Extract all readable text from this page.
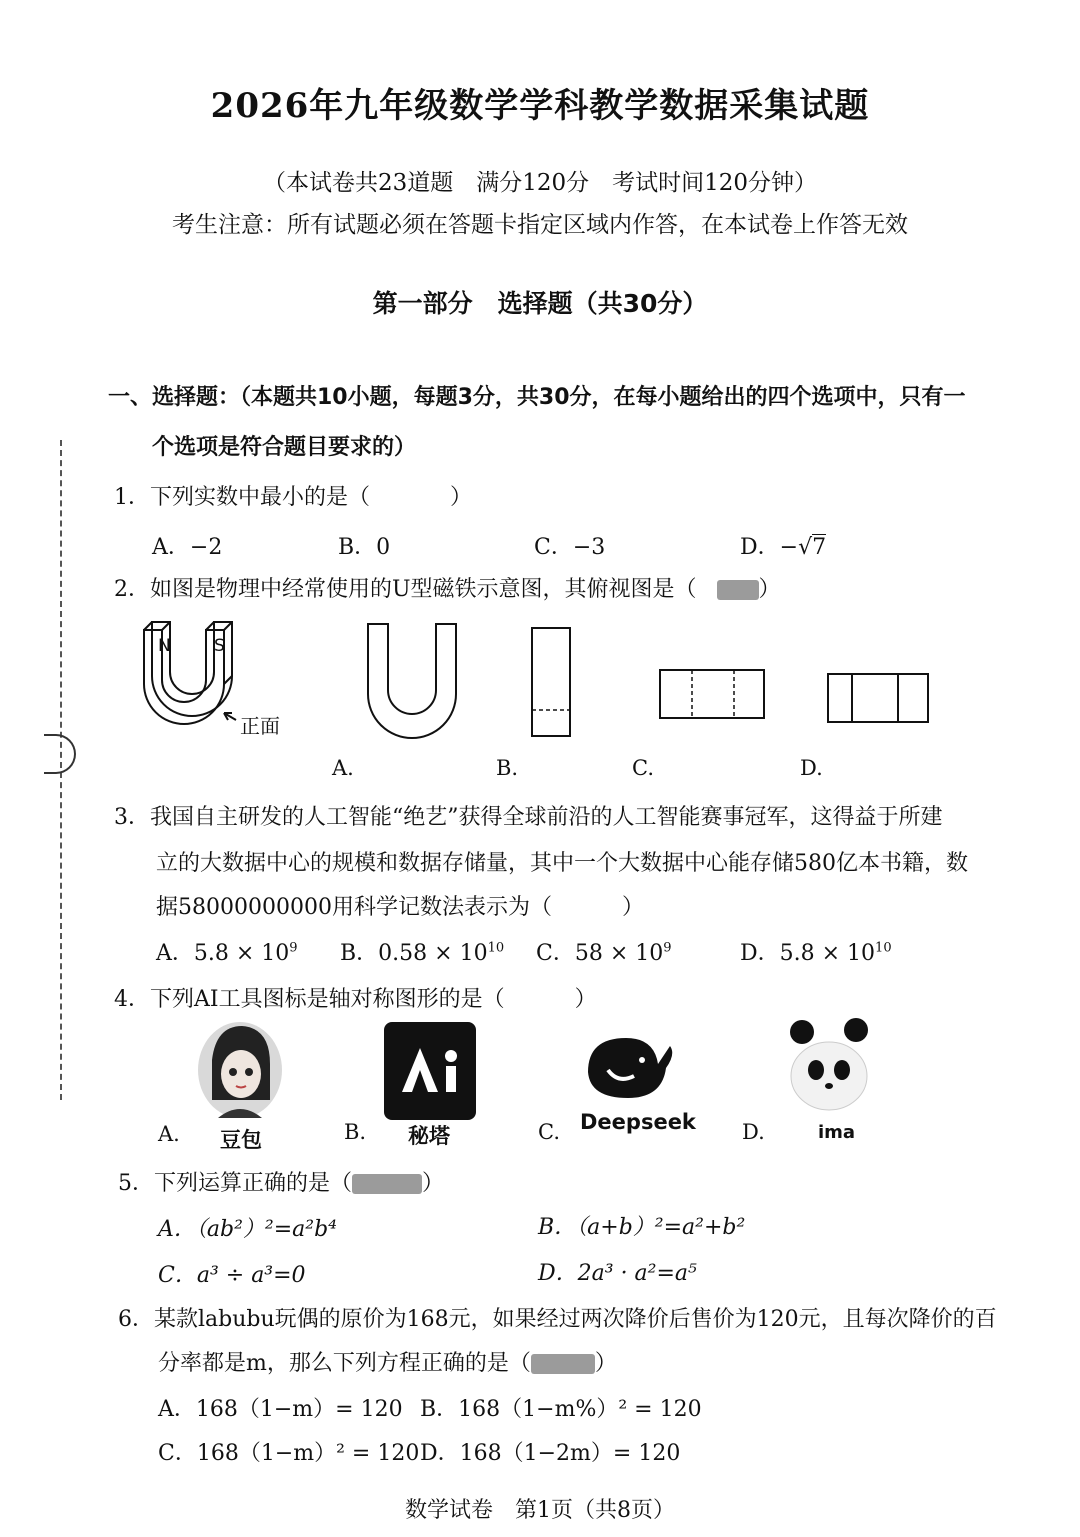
2026年九年级数学学科教学数据采集试题
（本试卷共23道题　满分120分　考试时间120分钟）
考生注意：所有试题必须在答题卡指定区域内作答，在本试卷上作答无效
第一部分　选择题（共30分）
一、选择题：（本题共10小题，每题3分，共30分，在每小题给出的四个选项中，只有一
个选项是符合题目要求的）
1．下列实数中最小的是（	）
A．−2	B．0	C．−3	D．−√7
2．如图是物理中经常使用的U型磁铁示意图，其俯视图是（	）
N	S
正面
A.	B.	C.	D.
3．我国自主研发的人工智能“绝艺”获得全球前沿的人工智能赛事冠军，这得益于所建
立的大数据中心的规模和数据存储量，其中一个大数据中心能存储580亿本书籍，数
据58000000000用科学记数法表示为（	）
A．$5.8 \times 10^9$ B．$0.58 \times 10^{10}$ C．$58 \times 10^9$	D．$5.8 \times 10^{10}$
4．下列AI工具图标是轴对称图形的是（	）
A. 豆包	B. 秘塔	C. Deepseek D.	ima
5．下列运算正确的是（	）
A．（ab²）²=a²b⁴	B．（a+b）²=a²+b²
C．a³ ÷ a³=0	D．2a³ · a²=a⁵
6．某款labubu玩偶的原价为168元，如果经过两次降价后售价为120元，且每次降价的百
分率都是m，那么下列方程正确的是（	）
A．168（1−m）= 120 B．168（1−m%）² = 120
C．168（1−m）² = 120 D．168（1−2m）= 120
数学试卷　第1页（共8页）
